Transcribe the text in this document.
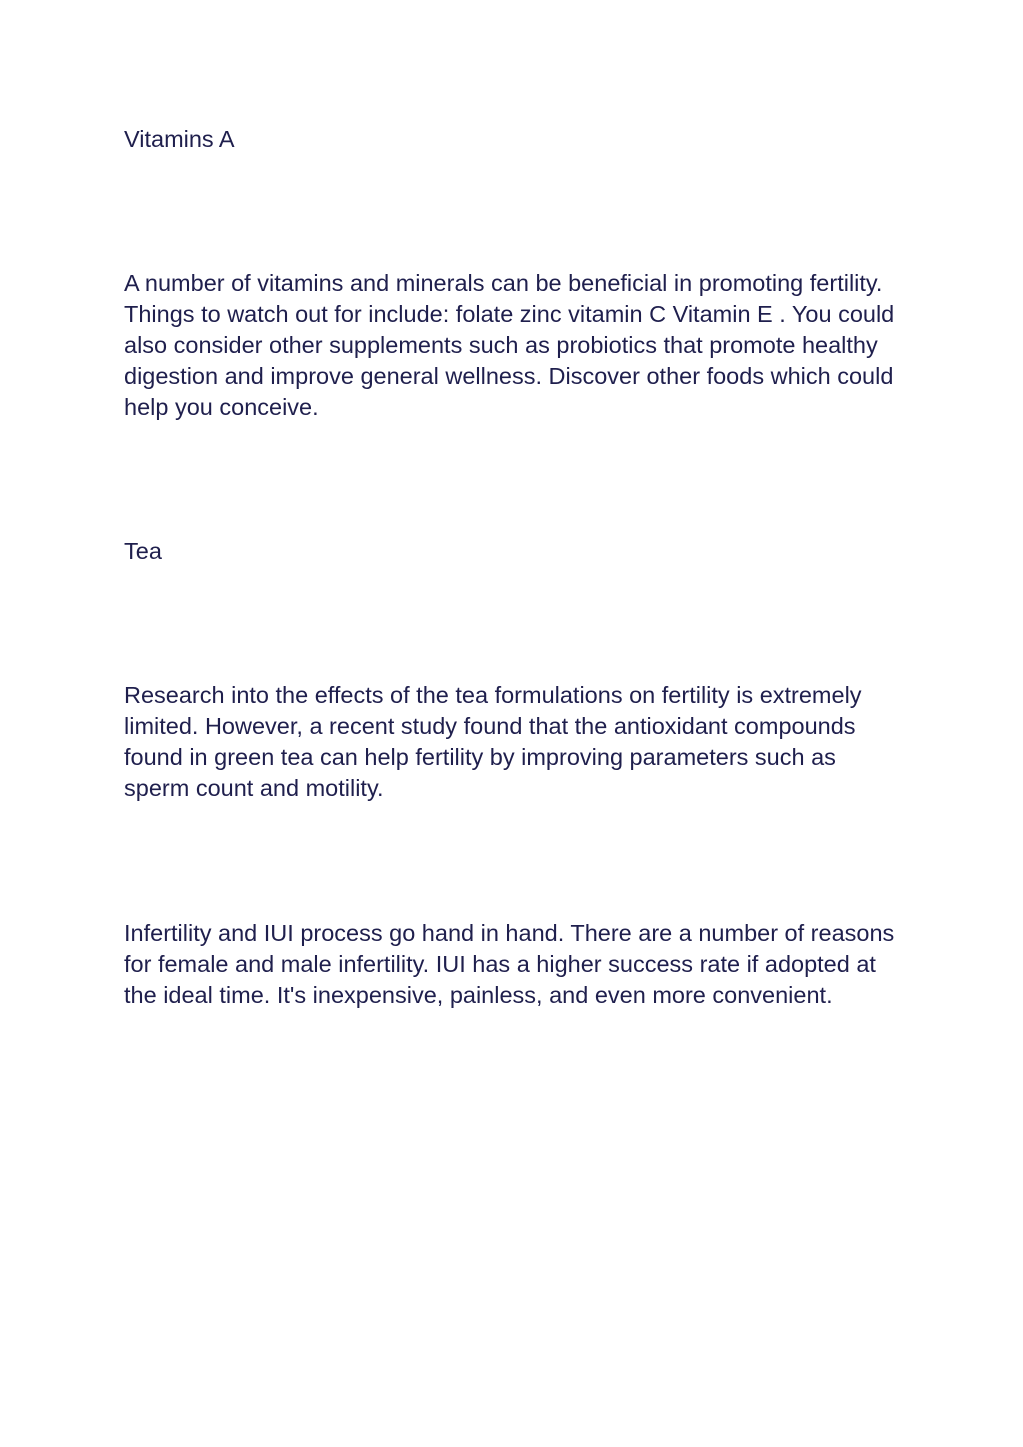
Vitamins A

A number of vitamins and minerals can be beneficial in promoting fertility. Things to watch out for include: folate zinc vitamin C Vitamin E . You could also consider other supplements such as probiotics that promote healthy digestion and improve general wellness. Discover other foods which could help you conceive.

Tea

Research into the effects of the tea formulations on fertility is extremely limited. However, a recent study found that the antioxidant compounds found in green tea can help fertility by improving parameters such as sperm count and motility.

Infertility and IUI process go hand in hand. There are a number of reasons for female and male infertility. IUI has a higher success rate if adopted at the ideal time. It's inexpensive, painless, and even more convenient.
